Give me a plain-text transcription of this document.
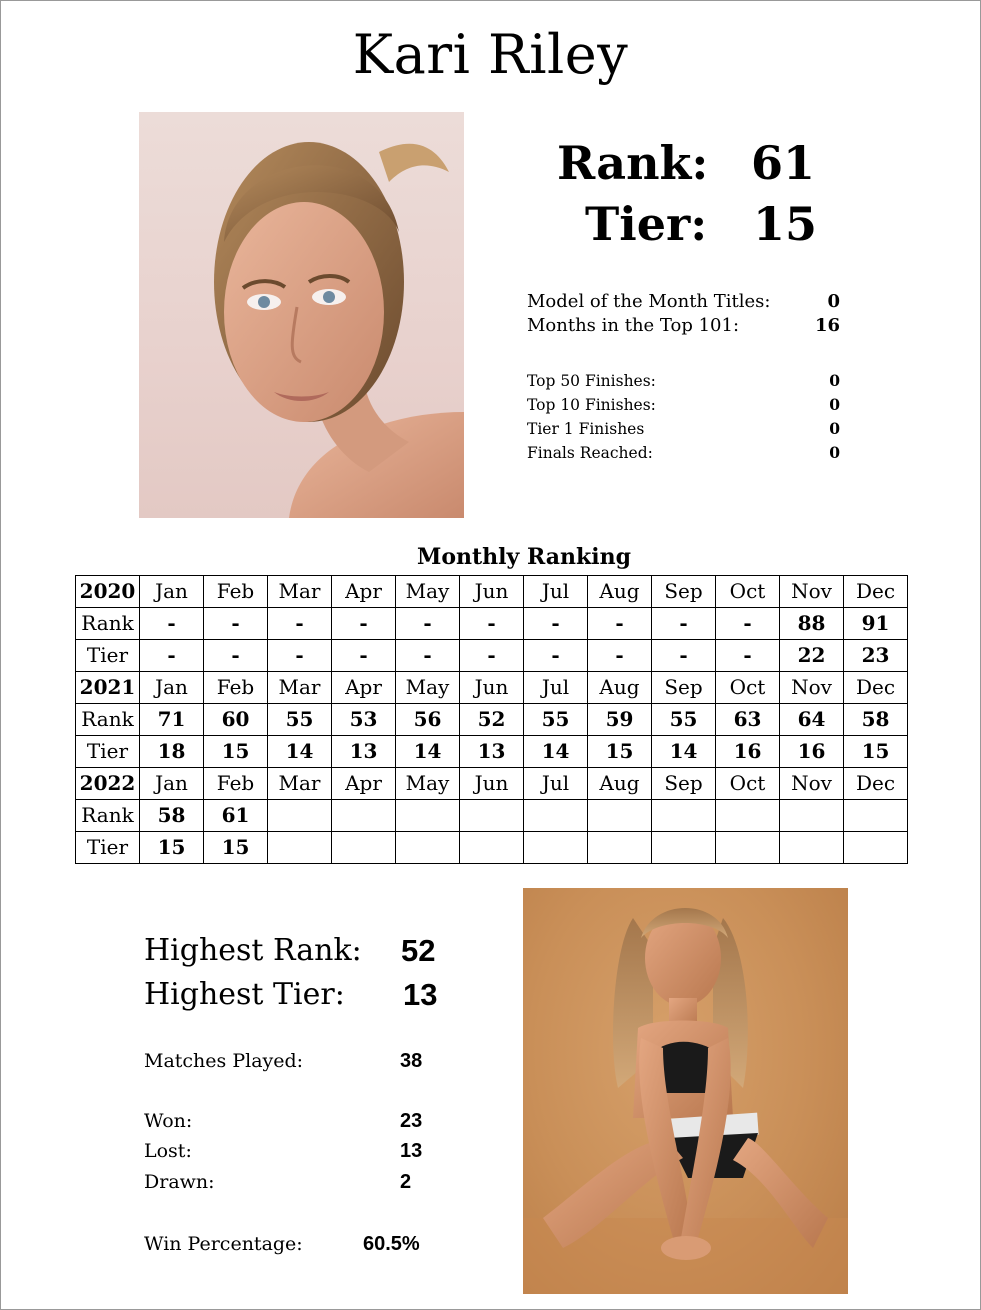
Kari Riley
Rank: 61
Tier: 15
Model of the Month Titles:	0
Months in the Top 101:	16
Top 50 Finishes:	0
Top 10 Finishes:	0
Tier 1 Finishes	0
Finals Reached:	0
Monthly Ranking
2020	Jan	Feb	Mar	Apr	May	Jun	Jul	Aug	Sep	Oct	Nov	Dec
Rank	-	-	-	-	-	-	-	-	-	-	88	91
Tier	-	-	-	-	-	-	-	-	-	-	22	23
2021	Jan	Feb	Mar	Apr	May	Jun	Jul	Aug	Sep	Oct	Nov	Dec
Rank	71	60	55	53	56	52	55	59	55	63	64	58
Tier	18	15	14	13	14	13	14	15	14	16	16	15
2022	Jan	Feb	Mar	Apr	May	Jun	Jul	Aug	Sep	Oct	Nov	Dec
Rank	58	61										
Tier	15	15										
Highest Rank: 52
Highest Tier: 13
Matches Played:	38
Won:	23
Lost:	13
Drawn:	2
Win Percentage:	60.5%
